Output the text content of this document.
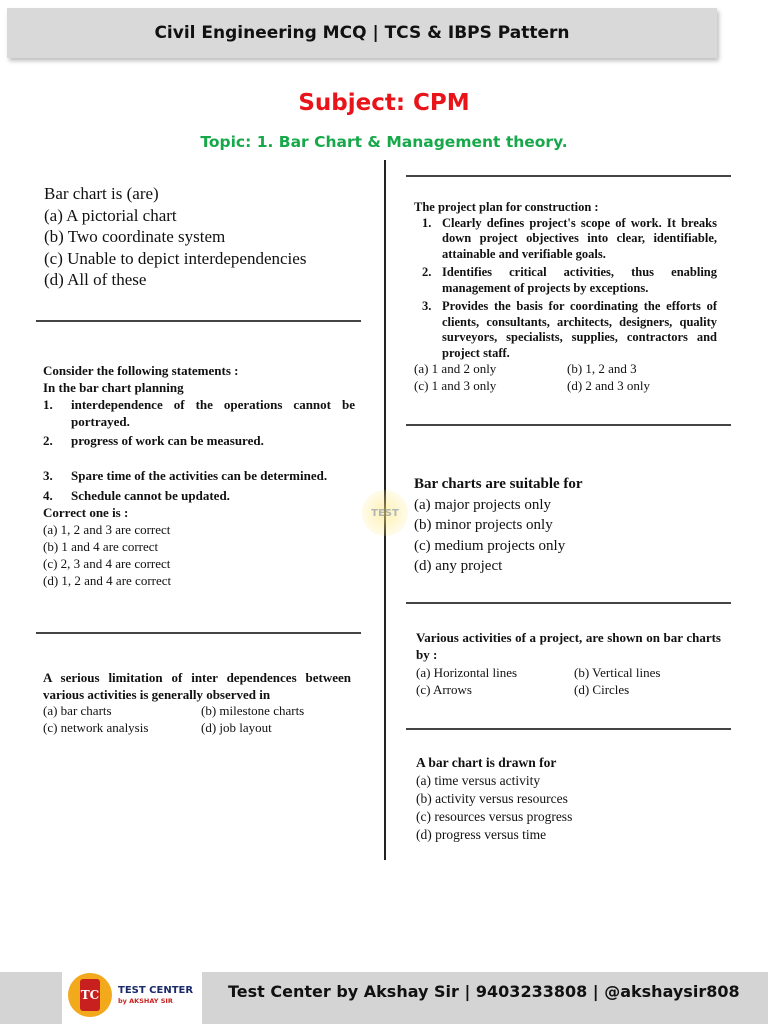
Civil Engineering MCQ | TCS & IBPS Pattern
Subject: CPM
Topic: 1. Bar Chart & Management theory.
Bar chart is (are)
(a) A pictorial chart
(b) Two coordinate system
(c) Unable to depict interdependencies
(d) All of these
Consider the following statements :
In the bar chart planning
1.	interdependence of the operations cannot be portrayed.
2.	progress of work can be measured.
3.	Spare time of the activities can be determined.
4.	Schedule cannot be updated.
Correct one is :
(a) 1, 2 and 3 are correct
(b) 1 and 4 are correct
(c) 2, 3 and 4 are correct
(d) 1, 2 and 4 are correct
A serious limitation of inter dependences between various activities is generally observed in
(a) bar charts	(b) milestone charts
(c) network analysis	(d) job layout
The project plan for construction :
1. Clearly defines project's scope of work. It breaks down project objectives into clear, identifiable, attainable and verifiable goals.
2. Identifies critical activities, thus enabling management of projects by exceptions.
3. Provides the basis for coordinating the efforts of clients, consultants, architects, designers, quality surveyors, specialists, supplies, contractors and project staff.
(a) 1 and 2 only	(b) 1, 2 and 3
(c) 1 and 3 only	(d) 2 and 3 only
Bar charts are suitable for
(a) major projects only
(b) minor projects only
(c) medium projects only
(d) any project
Various activities of a project, are shown on bar charts by :
(a) Horizontal lines	(b) Vertical lines
(c) Arrows	(d) Circles
A bar chart is drawn for
(a) time versus activity
(b) activity versus resources
(c) resources versus progress
(d) progress versus time
TEST
TC TEST CENTER
by AKSHAY SIR	Test Center by Akshay Sir | 9403233808 | @akshaysir808
